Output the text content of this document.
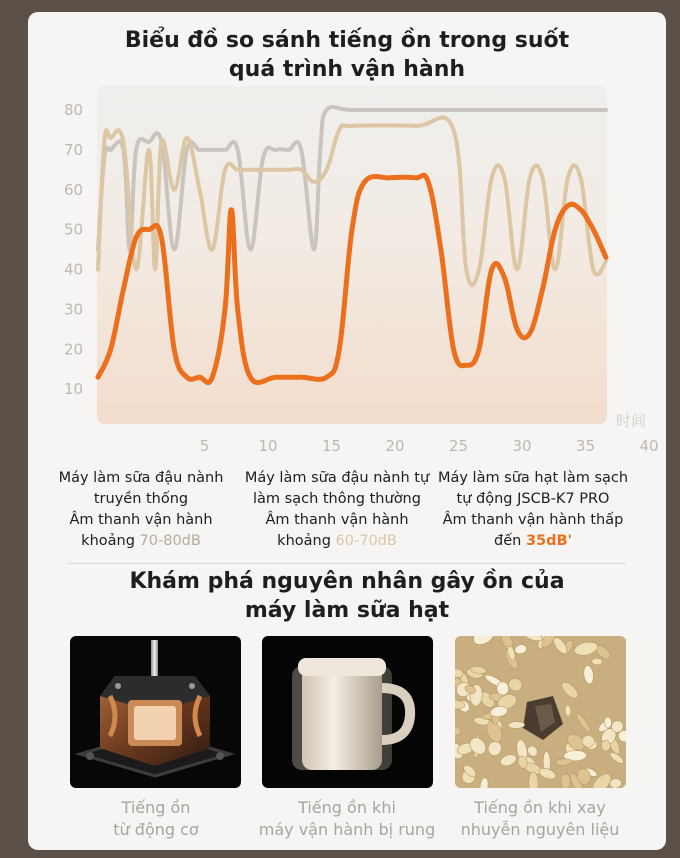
Biểu đồ so sánh tiếng ồn trong suốt
quá trình vận hành
80
70
60
50
40
30
20
10
5	10	15	20	25	30	35	40
时间
Máy làm sữa đậu nành
truyền thống
Âm thanh vận hành
khoảng 70-80dB
Máy làm sữa đậu nành tự
làm sạch thông thường
Âm thanh vận hành
khoảng 60-70dB
Máy làm sữa hạt làm sạch
tự động JSCB-K7 PRO
Âm thanh vận hành thấp
đến 35dB'
Khám phá nguyên nhân gây ồn của
máy làm sữa hạt
Tiếng ồn
từ động cơ
Tiếng ồn khi
máy vận hành bị rung
Tiếng ồn khi xay
nhuyễn nguyên liệu
